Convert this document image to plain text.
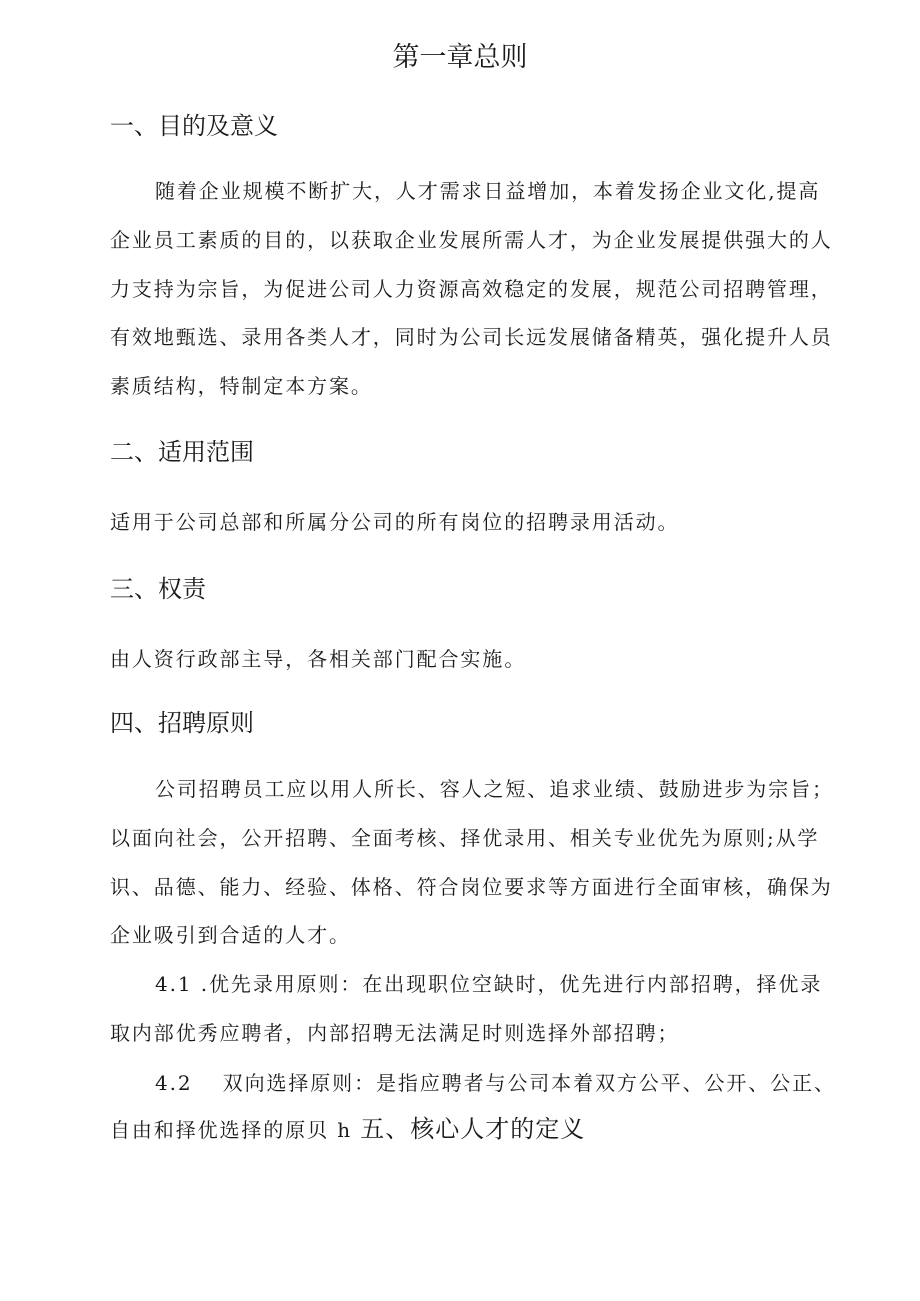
第一章总则
一、目的及意义
随着企业规模不断扩大，人才需求日益增加，本着发扬企业文化,提高
企业员工素质的目的，以获取企业发展所需人才，为企业发展提供强大的人
力支持为宗旨，为促进公司人力资源高效稳定的发展，规范公司招聘管理，
有效地甄选、录用各类人才，同时为公司长远发展储备精英，强化提升人员
素质结构，特制定本方案。
二、适用范围
适用于公司总部和所属分公司的所有岗位的招聘录用活动。
三、权责
由人资行政部主导，各相关部门配合实施。
四、招聘原则
公司招聘员工应以用人所长、容人之短、追求业绩、鼓励进步为宗旨；
以面向社会，公开招聘、全面考核、择优录用、相关专业优先为原则;从学
识、品德、能力、经验、体格、符合岗位要求等方面进行全面审核，确保为
企业吸引到合适的人才。
4.1 .优先录用原则：在出现职位空缺时，优先进行内部招聘，择优录
取内部优秀应聘者，内部招聘无法满足时则选择外部招聘；
4.2　 双向选择原则：是指应聘者与公司本着双方公平、公开、公正、
自由和择优选择的原贝 h 五、核心人才的定义
